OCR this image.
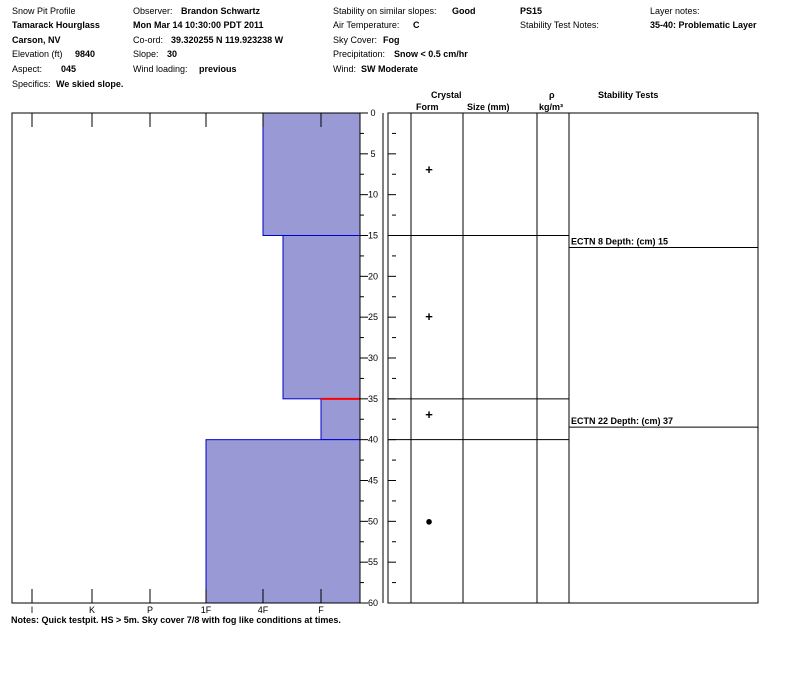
Snow Pit Profile
Tamarack Hourglass
Carson, NV
Elevation (ft) 9840
Aspect: 045
Specifics: We skied slope.
Observer: Brandon Schwartz
Mon Mar 14 10:30:00 PDT 2011
Co-ord: 39.320255 N 119.923238 W
Slope: 30
Wind loading: previous
Stability on similar slopes: Good
Air Temperature: C
Sky Cover: Fog
Precipitation: Snow < 0.5 cm/hr
Wind: SW Moderate
PS15
Stability Test Notes:
Layer notes:
35-40: Problematic Layer
Crystal
Form	Size (mm)
ρ
kg/m³
Stability Tests
I	K	P	1F	4F	F
0
5
10
15
20
25
30
35
40
45
50
55
60
+
+
+
●
ECTN 8 Depth: (cm) 15
ECTN 22 Depth: (cm) 37
Notes: Quick testpit. HS > 5m. Sky cover 7/8 with fog like conditions at times.
